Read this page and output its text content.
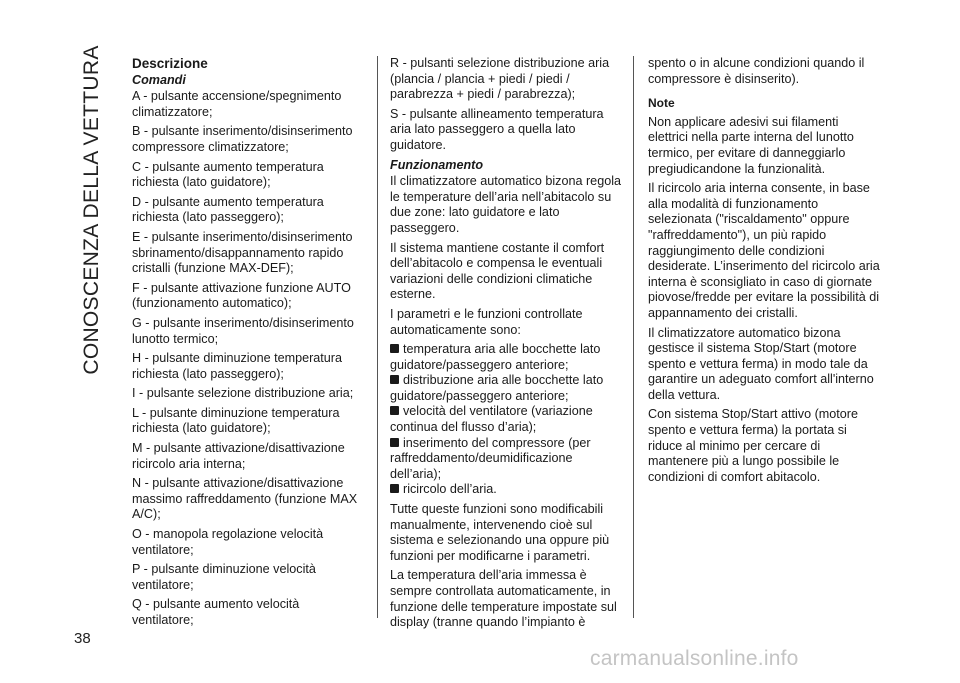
CONOSCENZA DELLA VETTURA
38
Descrizione
Comandi

A - pulsante accensione/spegnimento climatizzatore;

B - pulsante inserimento/disinserimento compressore climatizzatore;

C - pulsante aumento temperatura richiesta (lato guidatore);

D - pulsante aumento temperatura richiesta (lato passeggero);

E - pulsante inserimento/disinserimento sbrinamento/disappannamento rapido cristalli (funzione MAX-DEF);

F - pulsante attivazione funzione AUTO (funzionamento automatico);

G - pulsante inserimento/disinserimento lunotto termico;

H - pulsante diminuzione temperatura richiesta (lato passeggero);

I - pulsante selezione distribuzione aria;

L - pulsante diminuzione temperatura richiesta (lato guidatore);

M - pulsante attivazione/disattivazione ricircolo aria interna;

N - pulsante attivazione/disattivazione massimo raffreddamento (funzione MAX A/C);

O - manopola regolazione velocità ventilatore;

P - pulsante diminuzione velocità ventilatore;

Q - pulsante aumento velocità ventilatore;

R - pulsanti selezione distribuzione aria (plancia / plancia + piedi / piedi / parabrezza + piedi / parabrezza);

S - pulsante allineamento temperatura aria lato passeggero a quella lato guidatore.

Funzionamento

Il climatizzatore automatico bizona regola le temperature dell’aria nell’abitacolo su due zone: lato guidatore e lato passeggero.

Il sistema mantiene costante il comfort dell’abitacolo e compensa le eventuali variazioni delle condizioni climatiche esterne.

I parametri e le funzioni controllate automaticamente sono:

temperatura aria alle bocchette lato guidatore/passeggero anteriore;
distribuzione aria alle bocchette lato guidatore/passeggero anteriore;
velocità del ventilatore (variazione continua del flusso d’aria);
inserimento del compressore (per raffreddamento/deumidificazione dell’aria);
ricircolo dell’aria.

Tutte queste funzioni sono modificabili manualmente, intervenendo cioè sul sistema e selezionando una oppure più funzioni per modificarne i parametri.

La temperatura dell’aria immessa è sempre controllata automaticamente, in funzione delle temperature impostate sul display (tranne quando l’impianto è

spento o in alcune condizioni quando il compressore è disinserito).

Note

Non applicare adesivi sui filamenti elettrici nella parte interna del lunotto termico, per evitare di danneggiarlo pregiudicandone la funzionalità.

Il ricircolo aria interna consente, in base alla modalità di funzionamento selezionata ("riscaldamento" oppure "raffreddamento"), un più rapido raggiungimento delle condizioni desiderate. L’inserimento del ricircolo aria interna è sconsigliato in caso di giornate piovose/fredde per evitare la possibilità di appannamento dei cristalli.

Il climatizzatore automatico bizona gestisce il sistema Stop/Start (motore spento e vettura ferma) in modo tale da garantire un adeguato comfort all'interno della vettura.

Con sistema Stop/Start attivo (motore spento e vettura ferma) la portata si riduce al minimo per cercare di mantenere più a lungo possibile le condizioni di comfort abitacolo.

carmanualsonline.info
